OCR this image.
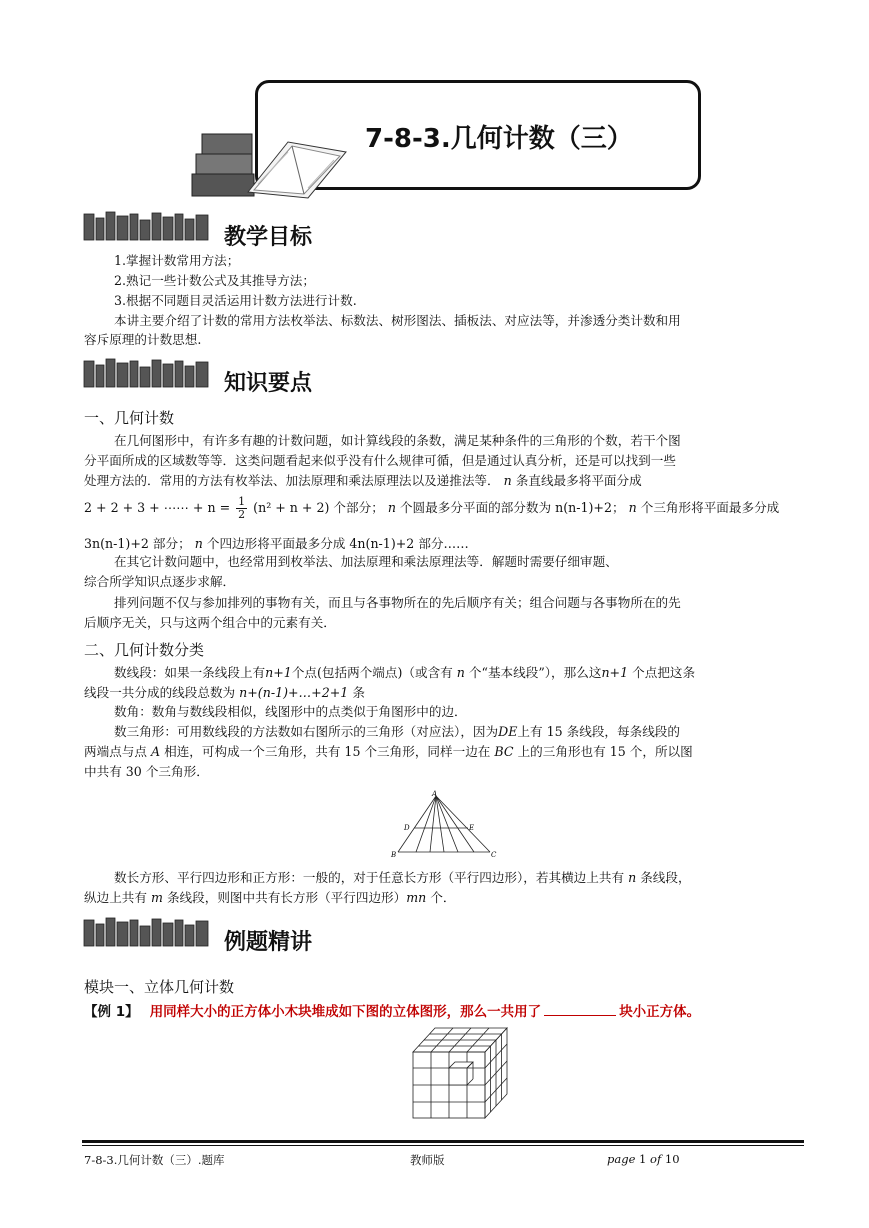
7-8-3.几何计数（三）
教学目标
1.掌握计数常用方法；
2.熟记一些计数公式及其推导方法；
3.根据不同题目灵活运用计数方法进行计数.
本讲主要介绍了计数的常用方法枚举法、标数法、树形图法、插板法、对应法等，并渗透分类计数和用
容斥原理的计数思想.
知识要点
一、几何计数
在几何图形中，有许多有趣的计数问题，如计算线段的条数，满足某种条件的三角形的个数，若干个图
分平面所成的区域数等等．这类问题看起来似乎没有什么规律可循，但是通过认真分析，还是可以找到一些
处理方法的．常用的方法有枚举法、加法原理和乘法原理法以及递推法等． n 条直线最多将平面分成
2 + 2 + 3 + ⋯⋯ + $n = \frac{1}{2} (n^2 + n + 2)$ 个部分； n 个圆最多分平面的部分数为 n(n-1)+2； n 个三角形将平面最多分成
3n(n-1)+2 部分； n 个四边形将平面最多分成 4n(n-1)+2 部分……
在其它计数问题中，也经常用到枚举法、加法原理和乘法原理法等．解题时需要仔细审题、
综合所学知识点逐步求解．
排列问题不仅与参加排列的事物有关，而且与各事物所在的先后顺序有关；组合问题与各事物所在的先
后顺序无关，只与这两个组合中的元素有关．
二、几何计数分类
数线段：如果一条线段上有n+1个点(包括两个端点)（或含有 n 个“基本线段”），那么这n+1 个点把这条
线段一共分成的线段总数为 n+(n-1)+…+2+1 条
数角：数角与数线段相似，线图形中的点类似于角图形中的边．
数三角形：可用数线段的方法数如右图所示的三角形（对应法），因为DE上有 15 条线段，每条线段的
两端点与点 A 相连，可构成一个三角形，共有 15 个三角形，同样一边在 BC 上的三角形也有 15 个，所以图
中共有 30 个三角形．
A
B	C
D	E
数长方形、平行四边形和正方形：一般的，对于任意长方形（平行四边形），若其横边上共有 n 条线段，
纵边上共有 m 条线段，则图中共有长方形（平行四边形）mn 个．
例题精讲
模块一、立体几何计数
【例 1】 用同样大小的正方体小木块堆成如下图的立体图形，那么一共用了	块小正方体。
7-8-3.几何计数（三）.题库	教师版	page 1 of 10
